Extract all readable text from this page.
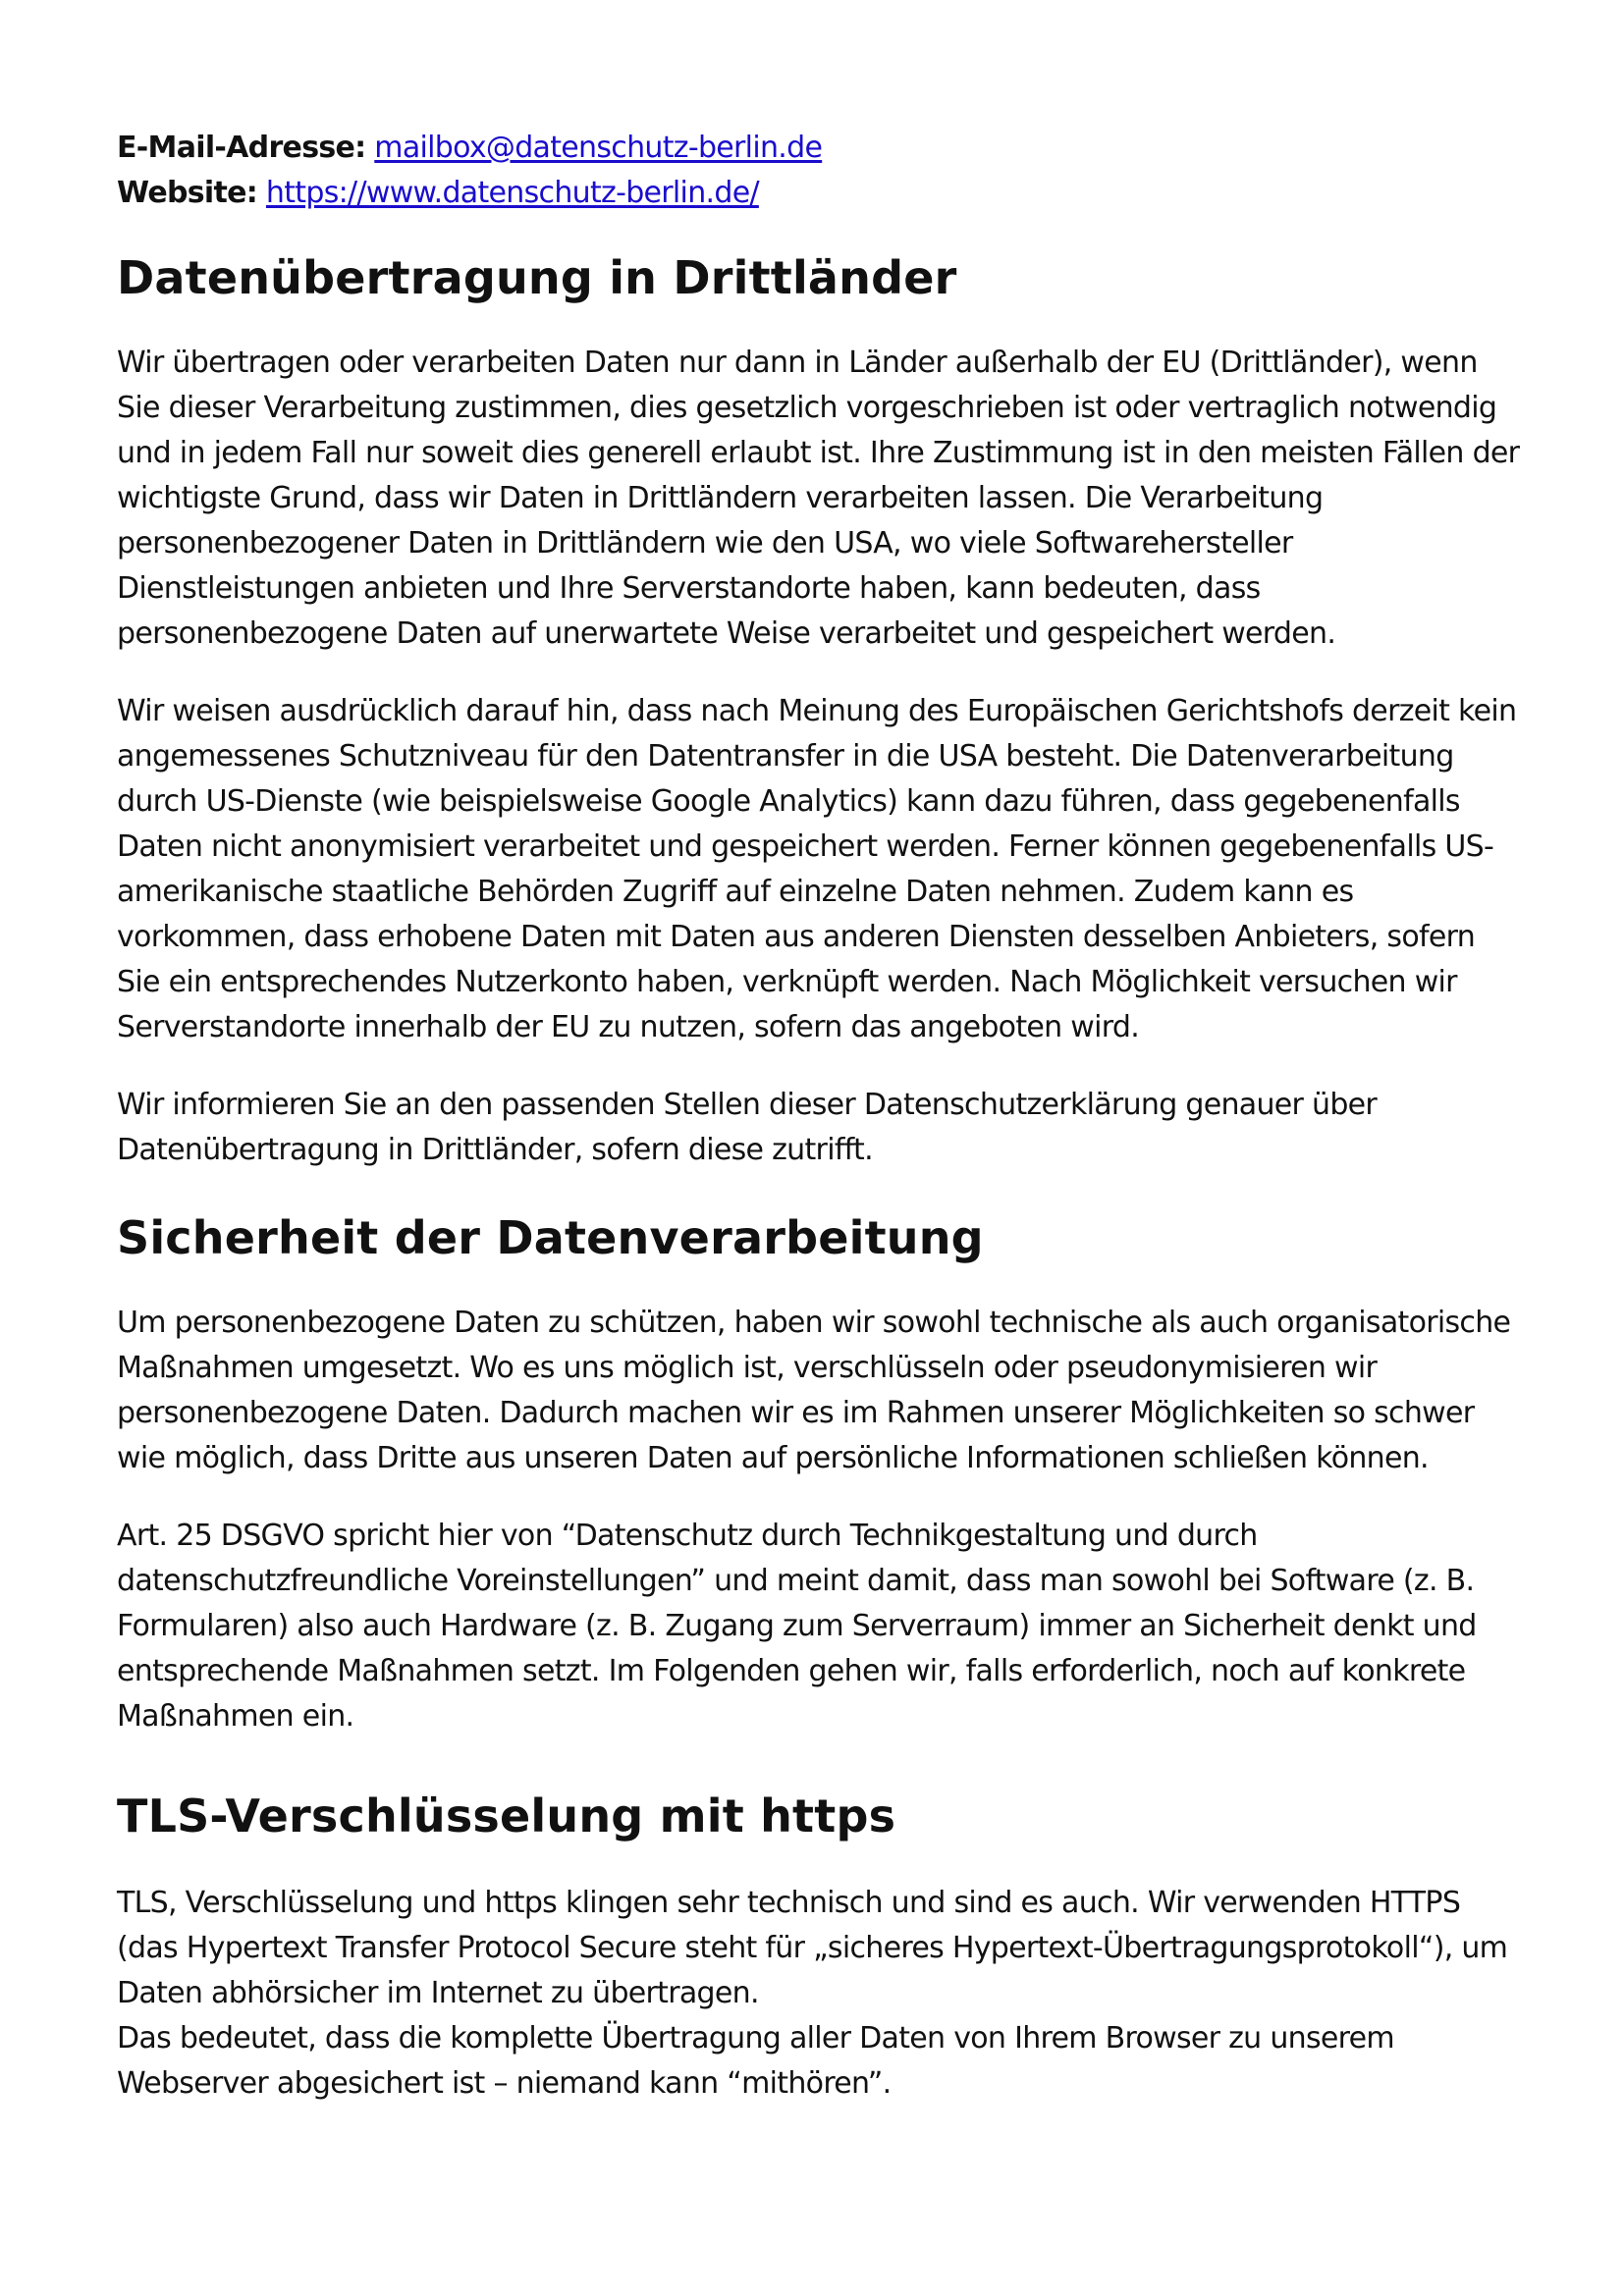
E-Mail-Adresse: mailbox@datenschutz-berlin.de

Website: https://www.datenschutz-berlin.de/

Datenübertragung in Drittländer

Wir übertragen oder verarbeiten Daten nur dann in Länder außerhalb der EU (Drittländer), wenn Sie dieser Verarbeitung zustimmen, dies gesetzlich vorgeschrieben ist oder vertraglich notwendig und in jedem Fall nur soweit dies generell erlaubt ist. Ihre Zustimmung ist in den meisten Fällen der wichtigste Grund, dass wir Daten in Drittländern verarbeiten lassen. Die Verarbeitung personenbezogener Daten in Drittländern wie den USA, wo viele Softwarehersteller Dienstleistungen anbieten und Ihre Serverstandorte haben, kann bedeuten, dass personenbezogene Daten auf unerwartete Weise verarbeitet und gespeichert werden.

Wir weisen ausdrücklich darauf hin, dass nach Meinung des Europäischen Gerichtshofs derzeit kein angemessenes Schutzniveau für den Datentransfer in die USA besteht. Die Datenverarbeitung durch US-Dienste (wie beispielsweise Google Analytics) kann dazu führen, dass gegebenenfalls Daten nicht anonymisiert verarbeitet und gespeichert werden. Ferner können gegebenenfalls US-amerikanische staatliche Behörden Zugriff auf einzelne Daten nehmen. Zudem kann es vorkommen, dass erhobene Daten mit Daten aus anderen Diensten desselben Anbieters, sofern Sie ein entsprechendes Nutzerkonto haben, verknüpft werden. Nach Möglichkeit versuchen wir Serverstandorte innerhalb der EU zu nutzen, sofern das angeboten wird.

Wir informieren Sie an den passenden Stellen dieser Datenschutzerklärung genauer über Datenübertragung in Drittländer, sofern diese zutrifft.

Sicherheit der Datenverarbeitung

Um personenbezogene Daten zu schützen, haben wir sowohl technische als auch organisatorische Maßnahmen umgesetzt. Wo es uns möglich ist, verschlüsseln oder pseudonymisieren wir personenbezogene Daten. Dadurch machen wir es im Rahmen unserer Möglichkeiten so schwer wie möglich, dass Dritte aus unseren Daten auf persönliche Informationen schließen können.

Art. 25 DSGVO spricht hier von “Datenschutz durch Technikgestaltung und durch datenschutzfreundliche Voreinstellungen” und meint damit, dass man sowohl bei Software (z. B. Formularen) also auch Hardware (z. B. Zugang zum Serverraum) immer an Sicherheit denkt und entsprechende Maßnahmen setzt. Im Folgenden gehen wir, falls erforderlich, noch auf konkrete Maßnahmen ein.

TLS-Verschlüsselung mit https

TLS, Verschlüsselung und https klingen sehr technisch und sind es auch. Wir verwenden HTTPS (das Hypertext Transfer Protocol Secure steht für „sicheres Hypertext-Übertragungsprotokoll“), um Daten abhörsicher im Internet zu übertragen.

Das bedeutet, dass die komplette Übertragung aller Daten von Ihrem Browser zu unserem Webserver abgesichert ist – niemand kann “mithören”.
